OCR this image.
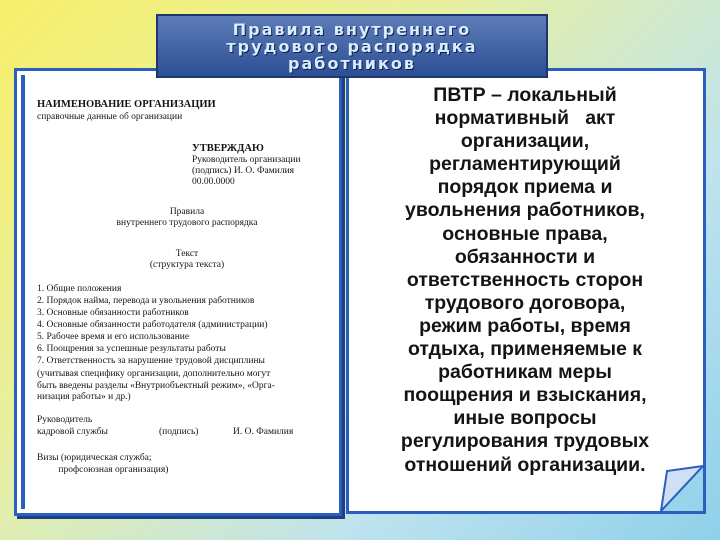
Правила внутреннего
трудового распорядка
работников
НАИМЕНОВАНИЕ ОРГАНИЗАЦИИ
справочные данные об организации
УТВЕРЖДАЮ
Руководитель организации
(подпись) И. О. Фамилия
00.00.0000
Правила
внутреннего трудового распорядка
Текст
(структура текста)
1. Общие положения
2. Порядок найма, перевода и увольнения работников
3. Основные обязанности работников
4. Основные обязанности работодателя (администрации)
5. Рабочее время и его использование
6. Поощрения за успешные результаты работы
7. Ответственность за нарушение трудовой дисциплины
(учитывая специфику организации, дополнительно могут
быть введены разделы «Внутриобъектный режим», «Орга-
низация работы» и др.)
Руководитель
кадровой службы	(подпись)	И. О. Фамилия
Визы (юридическая служба;
профсоюзная организация)
ПВТР – локальный
нормативный   акт
организации,
регламентирующий
порядок приема и
увольнения работников,
основные права,
обязанности и
ответственность сторон
трудового договора,
режим работы, время
отдыха, применяемые к
работникам меры
поощрения и взыскания,
иные вопросы
регулирования трудовых
отношений организации.
